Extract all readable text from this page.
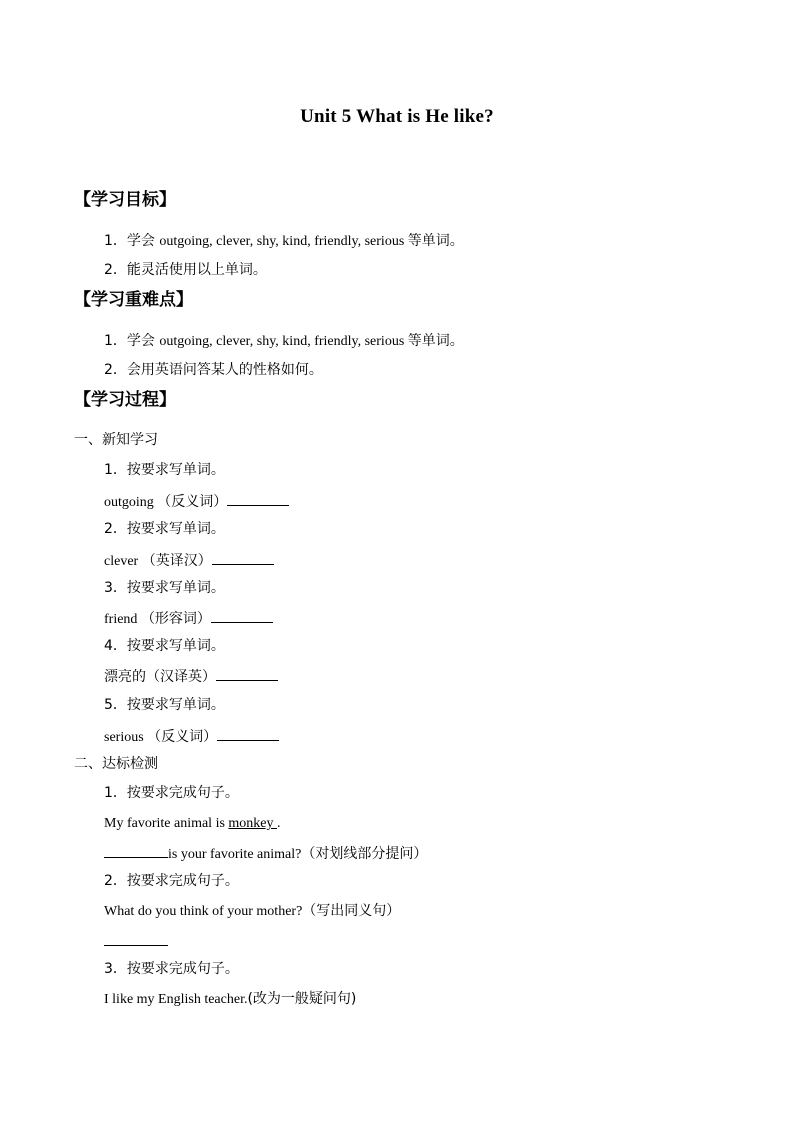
Unit 5 What is He like?
【学习目标】
1．学会 outgoing, clever, shy, kind, friendly, serious 等单词。
2．能灵活使用以上单词。
【学习重难点】
1．学会 outgoing, clever, shy, kind, friendly, serious 等单词。
2．会用英语问答某人的性格如何。
【学习过程】
一、新知学习
1．按要求写单词。
outgoing （反义词）
2．按要求写单词。
clever （英译汉）
3．按要求写单词。
friend （形容词）
4．按要求写单词。
漂亮的（汉译英）
5．按要求写单词。
serious （反义词）
二、达标检测
1．按要求完成句子。
My favorite animal is monkey .
is your favorite animal?（对划线部分提问）
2．按要求完成句子。
What do you think of your mother?（写出同义句）
3．按要求完成句子。
I like my English teacher.(改为一般疑问句)
